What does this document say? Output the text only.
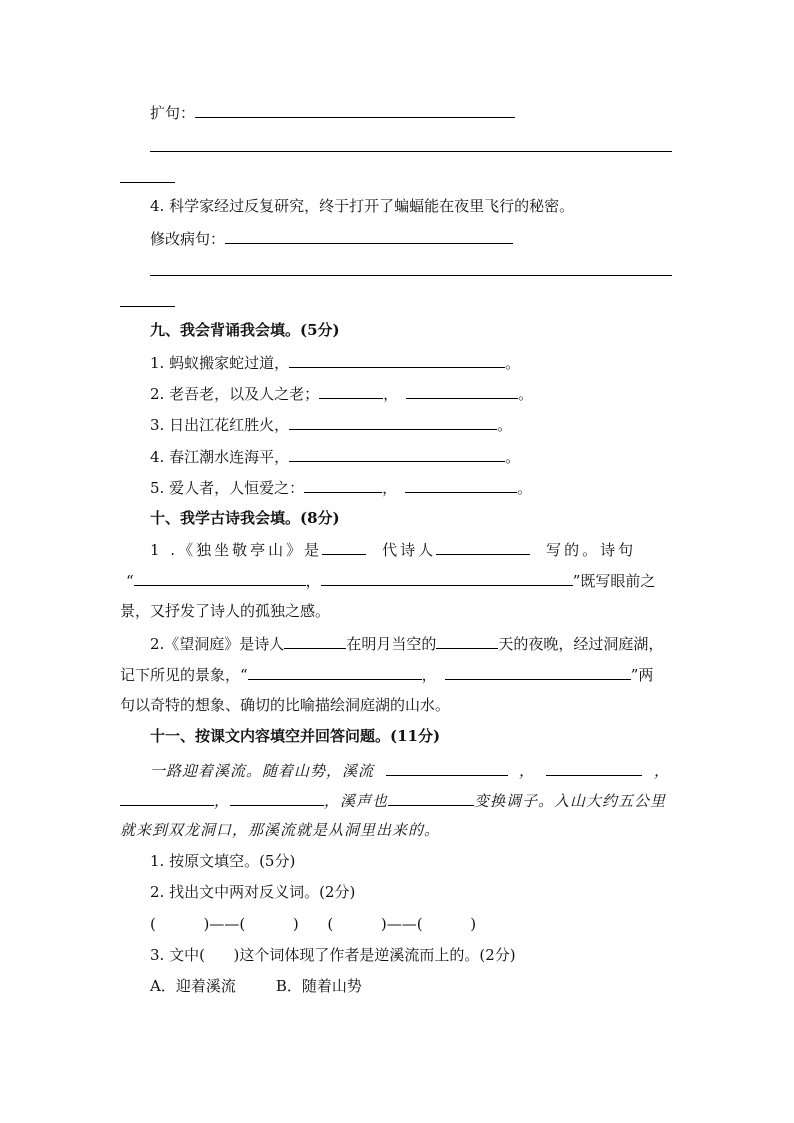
扩句：
4. 科学家经过反复研究，终于打开了蝙蝠能在夜里飞行的秘密。
修改病句：
九、我会背诵我会填。(5分)
1. 蚂蚁搬家蛇过道，	。
2. 老吾老，以及人之老；	，	。
3. 日出江花红胜火，	。
4. 春江潮水连海平，	。
5. 爱人者，人恒爱之：	，	。
十、我学古诗我会填。(8分)
1 .《独坐敬亭山》是	代诗人	写的。诗句
“	，	”既写眼前之
景，又抒发了诗人的孤独之感。
2.《望洞庭》是诗人	在明月当空的	天的夜晚，经过洞庭湖，
记下所见的景象，“	，	”两
句以奇特的想象、确切的比喻描绘洞庭湖的山水。
十一、按课文内容填空并回答问题。(11分)
一路迎着溪流。随着山势，溪流	，	，
，	，溪声也	变换调子。入山大约五公里
就来到双龙洞口，那溪流就是从洞里出来的。
1. 按原文填空。(5分)
2. 找出文中两对反义词。(2分)
(          )——(          )      (          )——(          )
3. 文中(      )这个词体现了作者是逆溪流而上的。(2分)
A．迎着溪流	B．随着山势
